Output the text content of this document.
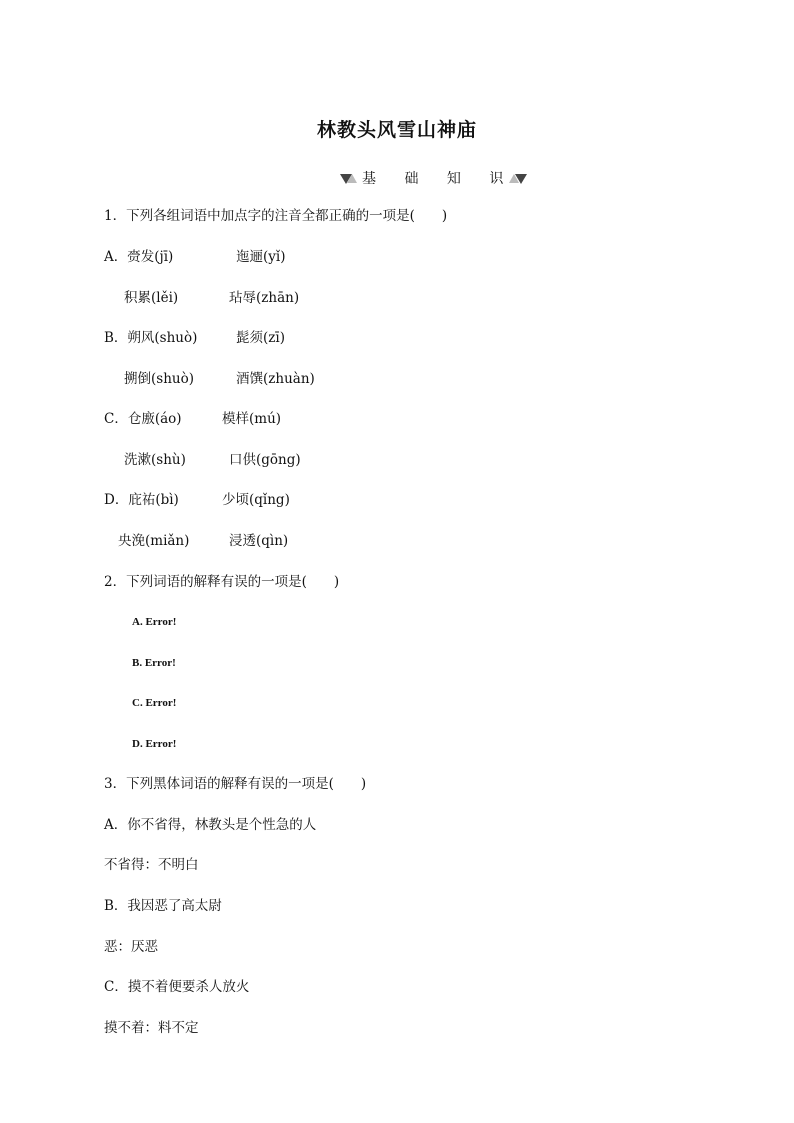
林教头风雪山神庙
基 础 知 识
1．下列各组词语中加点字的注音全都正确的一项是(　　)
A．赍发(jī)	迤逦(yǐ)
积累(lěi)	玷辱(zhān)
B．朔风(shuò)	髭须(zī)
搠倒(shuò)	酒馔(zhuàn)
C．仓廒(áo)	模样(mú)
洗漱(shù)	口供(gōng)
D．庇祐(bì)	少顷(qǐng)
央浼(miǎn)	浸透(qìn)
2．下列词语的解释有误的一项是(　　)
A. Error!
B. Error!
C. Error!
D. Error!
3．下列黑体词语的解释有误的一项是(　　)
A．你不省得，林教头是个性急的人
不省得：不明白
B．我因恶了高太尉
恶：厌恶
C．摸不着便要杀人放火
摸不着：料不定
